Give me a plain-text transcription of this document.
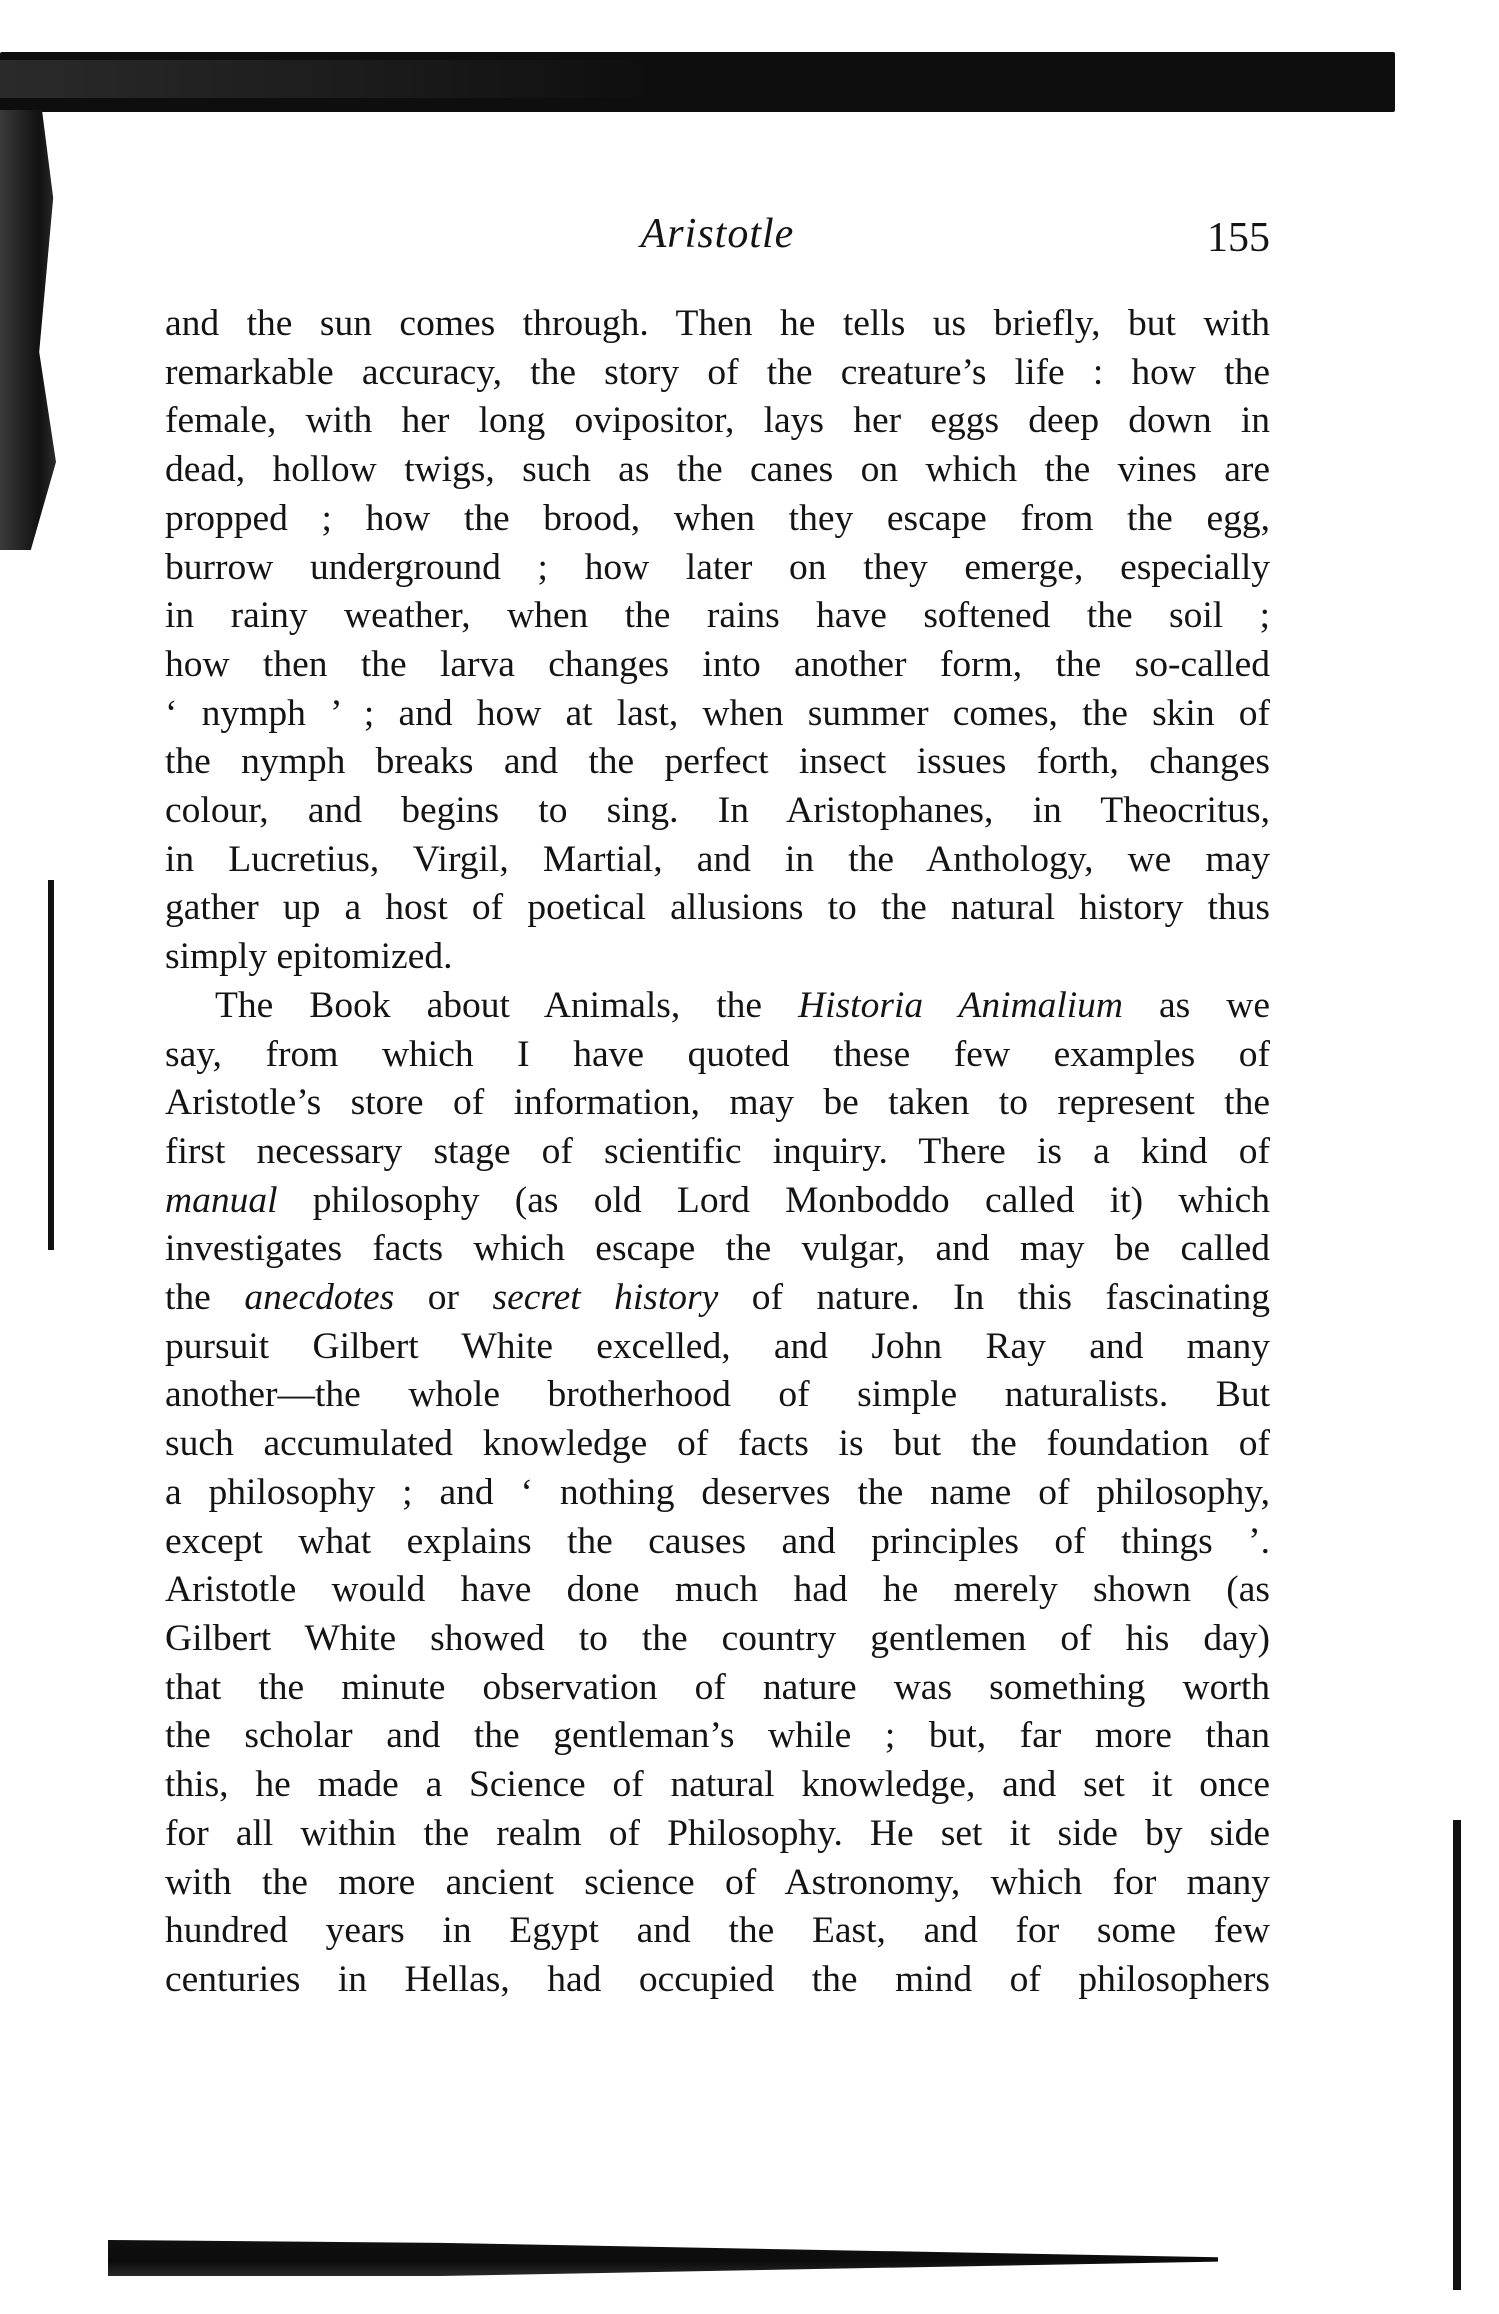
Aristotle	155
and the sun comes through. Then he tells us briefly, but with
remarkable accuracy, the story of the creature’s life : how the
female, with her long ovipositor, lays her eggs deep down in
dead, hollow twigs, such as the canes on which the vines are
propped ; how the brood, when they escape from the egg,
burrow underground ; how later on they emerge, especially
in rainy weather, when the rains have softened the soil ;
how then the larva changes into another form, the so-called
‘ nymph ’ ; and how at last, when summer comes, the skin of
the nymph breaks and the perfect insect issues forth, changes
colour, and begins to sing. In Aristophanes, in Theocritus,
in Lucretius, Virgil, Martial, and in the Anthology, we may
gather up a host of poetical allusions to the natural history thus
simply epitomized.
The Book about Animals, the Historia Animalium as we
say, from which I have quoted these few examples of
Aristotle’s store of information, may be taken to represent the
first necessary stage of scientific inquiry. There is a kind of
manual philosophy (as old Lord Monboddo called it) which
investigates facts which escape the vulgar, and may be called
the anecdotes or secret history of nature. In this fascinating
pursuit Gilbert White excelled, and John Ray and many
another—the whole brotherhood of simple naturalists. But
such accumulated knowledge of facts is but the foundation of
a philosophy ; and ‘ nothing deserves the name of philosophy,
except what explains the causes and principles of things ’.
Aristotle would have done much had he merely shown (as
Gilbert White showed to the country gentlemen of his day)
that the minute observation of nature was something worth
the scholar and the gentleman’s while ; but, far more than
this, he made a Science of natural knowledge, and set it once
for all within the realm of Philosophy. He set it side by side
with the more ancient science of Astronomy, which for many
hundred years in Egypt and the East, and for some few
centuries in Hellas, had occupied the mind of philosophers
